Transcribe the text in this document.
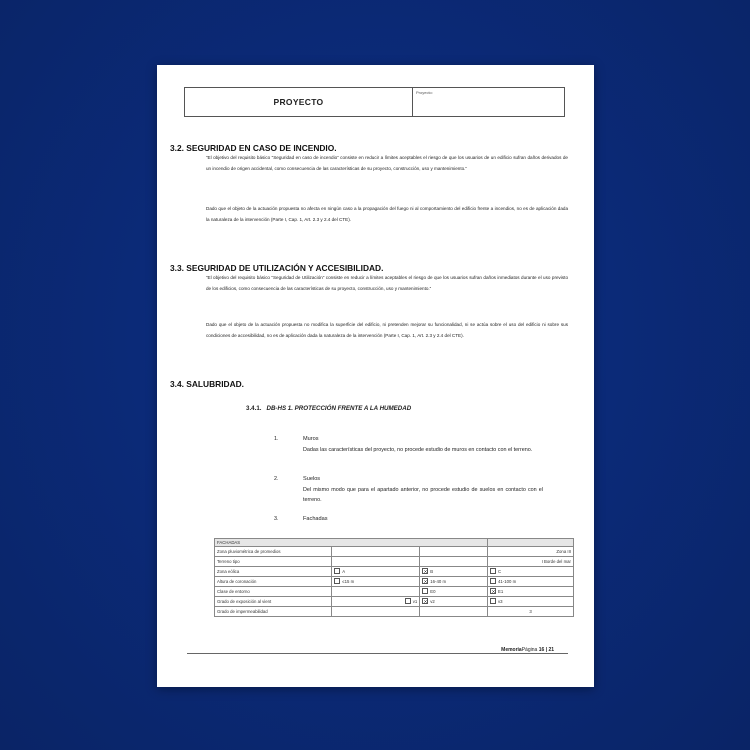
PROYECTO
Proyecto:
3.2. SEGURIDAD EN CASO DE INCENDIO.
“El objetivo del requisito básico “Seguridad en caso de incendio” consiste en reducir a límites aceptables el riesgo de que los usuarios de un edificio sufran daños derivados de un incendio de origen accidental, como consecuencia de las características de su proyecto, construcción, uso y mantenimiento.”
Dado que el objeto de la actuación propuesta no afecta en ningún caso a la propagación del fuego ni al comportamiento del edificio frente a incendios, no es de aplicación dada la naturaleza de la intervención (Parte I, Cap. 1, Art. 2.3 y 2.4 del CTE).
3.3. SEGURIDAD DE UTILIZACIÓN Y ACCESIBILIDAD.
“El objetivo del requisito básico “Seguridad de Utilización” consiste en reducir a límites aceptables el riesgo de que los usuarios sufran daños inmediatos durante el uso previsto de los edificios, como consecuencia de las características de su proyecto, construcción, uso y mantenimiento.”
Dado que el objeto de la actuación propuesta no modifica la superficie del edificio, ni pretenden mejorar su funcionalidad, ni se actúa sobre el uso del edificio ni sobre sus condiciones de accesibilidad, no es de aplicación dada la naturaleza de la intervención (Parte I, Cap. 1, Art. 2.3 y 2.4 del CTE).
3.4. SALUBRIDAD.
3.4.1. DB-HS 1. PROTECCIÓN FRENTE A LA HUMEDAD
1.	Muros
Dadas las características del proyecto, no procede estudio de muros en contacto con el terreno.
2.	Suelos
Del mismo modo que para el apartado anterior, no procede estudio de suelos en contacto con el terreno.
3.	Fachadas
FACHADAS			
Zona pluviométrica de promedios			Zona III
Terreno tipo			I Borde del mar
Zona eólica	A	B	C
Altura de coronación	≤15 m	16-40 m	41-100 m
Clase de entorno		E0	E1
Grado de exposición al vient	v1	v2	v3
Grado de impermeabilidad			3
MemoriaPágina 16 | 21
